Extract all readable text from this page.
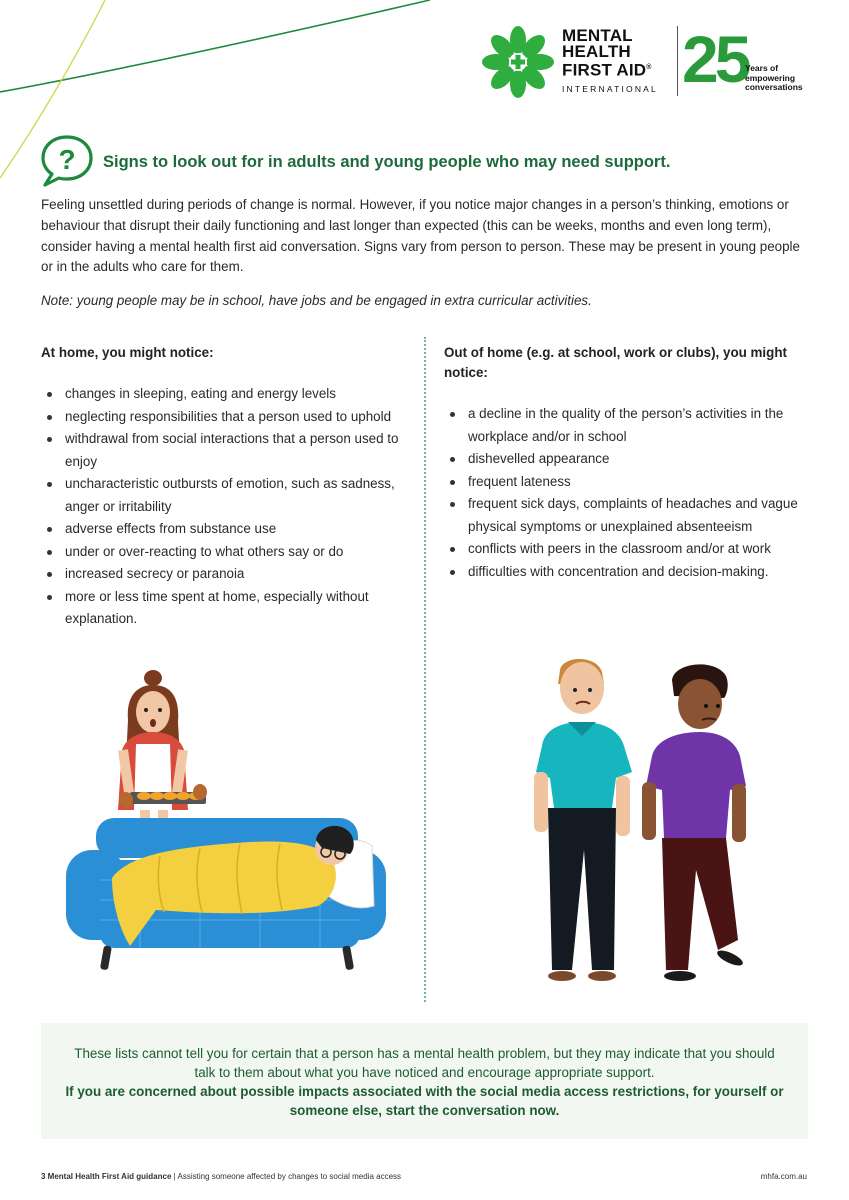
MENTAL
HEALTH
FIRST AID®
INTERNATIONAL 25
Years of
empowering
conversations
? Signs to look out for in adults and young people who may need support.

Feeling unsettled during periods of change is normal. However, if you notice major changes in a person’s thinking, emotions or behaviour that disrupt their daily functioning and last longer than expected (this can be weeks, months and even long term), consider having a mental health first aid conversation. Signs vary from person to person. These may be present in young people or in the adults who care for them.

Note: young people may be in school, have jobs and be engaged in extra curricular activities.

At home, you might notice:
changes in sleeping, eating and energy levels
neglecting responsibilities that a person used to uphold
withdrawal from social interactions that a person used to enjoy
uncharacteristic outbursts of emotion, such as sadness, anger or irritability
adverse effects from substance use
under or over-reacting to what others say or do
increased secrecy or paranoia
more or less time spent at home, especially without explanation.
Out of home (e.g. at school, work or clubs), you might notice:
a decline in the quality of the person’s activities in the workplace and/or in school
dishevelled appearance
frequent lateness
frequent sick days, complaints of headaches and vague physical symptoms or unexplained absenteeism
conflicts with peers in the classroom and/or at work
difficulties with concentration and decision-making.

These lists cannot tell you for certain that a person has a mental health problem, but they may indicate that you should talk to them about what you have noticed and encourage appropriate support.

If you are concerned about possible impacts associated with the social media access restrictions, for yourself or someone else, start the conversation now.

3 Mental Health First Aid guidance | Assisting someone affected by changes to social media access	mhfa.com.au
